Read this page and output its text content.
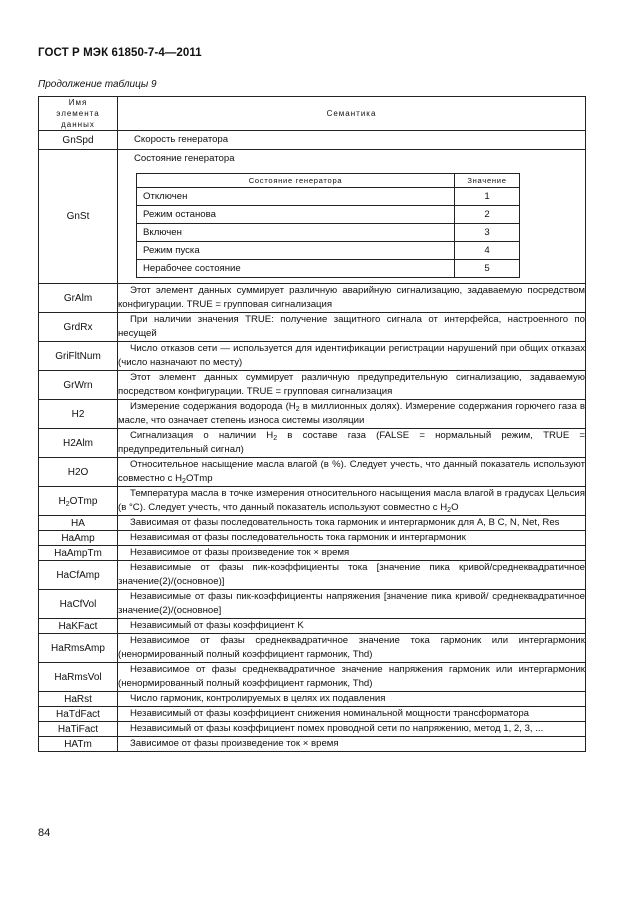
ГОСТ Р МЭК 61850-7-4—2011
Продолжение таблицы 9
Имя элемента данных
	Семантика
GnSpd	Скорость генератора
GnSt	
Состояние генератора
Состояние генератора	Значение
Отключен	1
Режим останова	2
Включен	3
Режим пуска	4
Нерабочее состояние	5

GrAlm	Этот элемент данных суммирует различную аварийную сигнализацию, задаваемую посредством конфигурации. TRUE = групповая сигнализация
GrdRx	При наличии значения TRUE: получение защитного сигнала от интерфейса, настроенного по несущей
GriFltNum	Число отказов сети — используется для идентификации регистрации нарушений при общих отказах (число назначают по месту)
GrWrn	Этот элемент данных суммирует различную предупредительную сигнализацию, задаваемую посредством конфигурации. TRUE = групповая сигнализация
H2	Измерение содержания водорода ($H_2$ в миллионных долях). Измерение содержания горючего газа в масле, что означает степень износа системы изоляции
H2Alm	Сигнализация о наличии $H_2$ в составе газа (FALSE = нормальный режим, TRUE = предупредительный сигнал)
H2O	Относительное насыщение масла влагой (в %). Следует учесть, что данный показатель используют совместно с $H_2OTmp$
$H_2OTmp$	Температура масла в точке измерения относительного насыщения масла влагой в градусах Цельсия (в °С). Следует учесть, что данный показатель используют совместно с $H_2O$
HA	Зависимая от фазы последовательность тока гармоник и интергармоник для A, B C, N, Net, Res
HaAmp	Независимая от фазы последовательность тока гармоник и интергармоник
HaAmpTm	Независимое от фазы произведение ток × время
HaCfAmp	Независимые от фазы пик-коэффициенты тока [значение пика кривой/среднеквадратичное значение(2)/(основное)]
HaCfVol	Независимые от фазы пик-коэффициенты напряжения [значение пика кривой/ среднеквадратичное значение(2)/(основное]
HaKFact	Независимый от фазы коэффициент K
HaRmsAmp	Независимое от фазы среднеквадратичное значение тока гармоник или интергармоник (ненормированный полный коэффициент гармоник, Thd)
HaRmsVol	Независимое от фазы среднеквадратичное значение напряжения гармоник или интергармоник (ненормированный полный коэффициент гармоник, Thd)
HaRst	Число гармоник, контролируемых в целях их подавления
HaTdFact	Независимый от фазы коэффициент снижения номинальной мощности трансформатора
HaTiFact	Независимый от фазы коэффициент помех проводной сети по напряжению, метод 1, 2, 3, ...
HATm	Зависимое от фазы произведение ток × время
84
